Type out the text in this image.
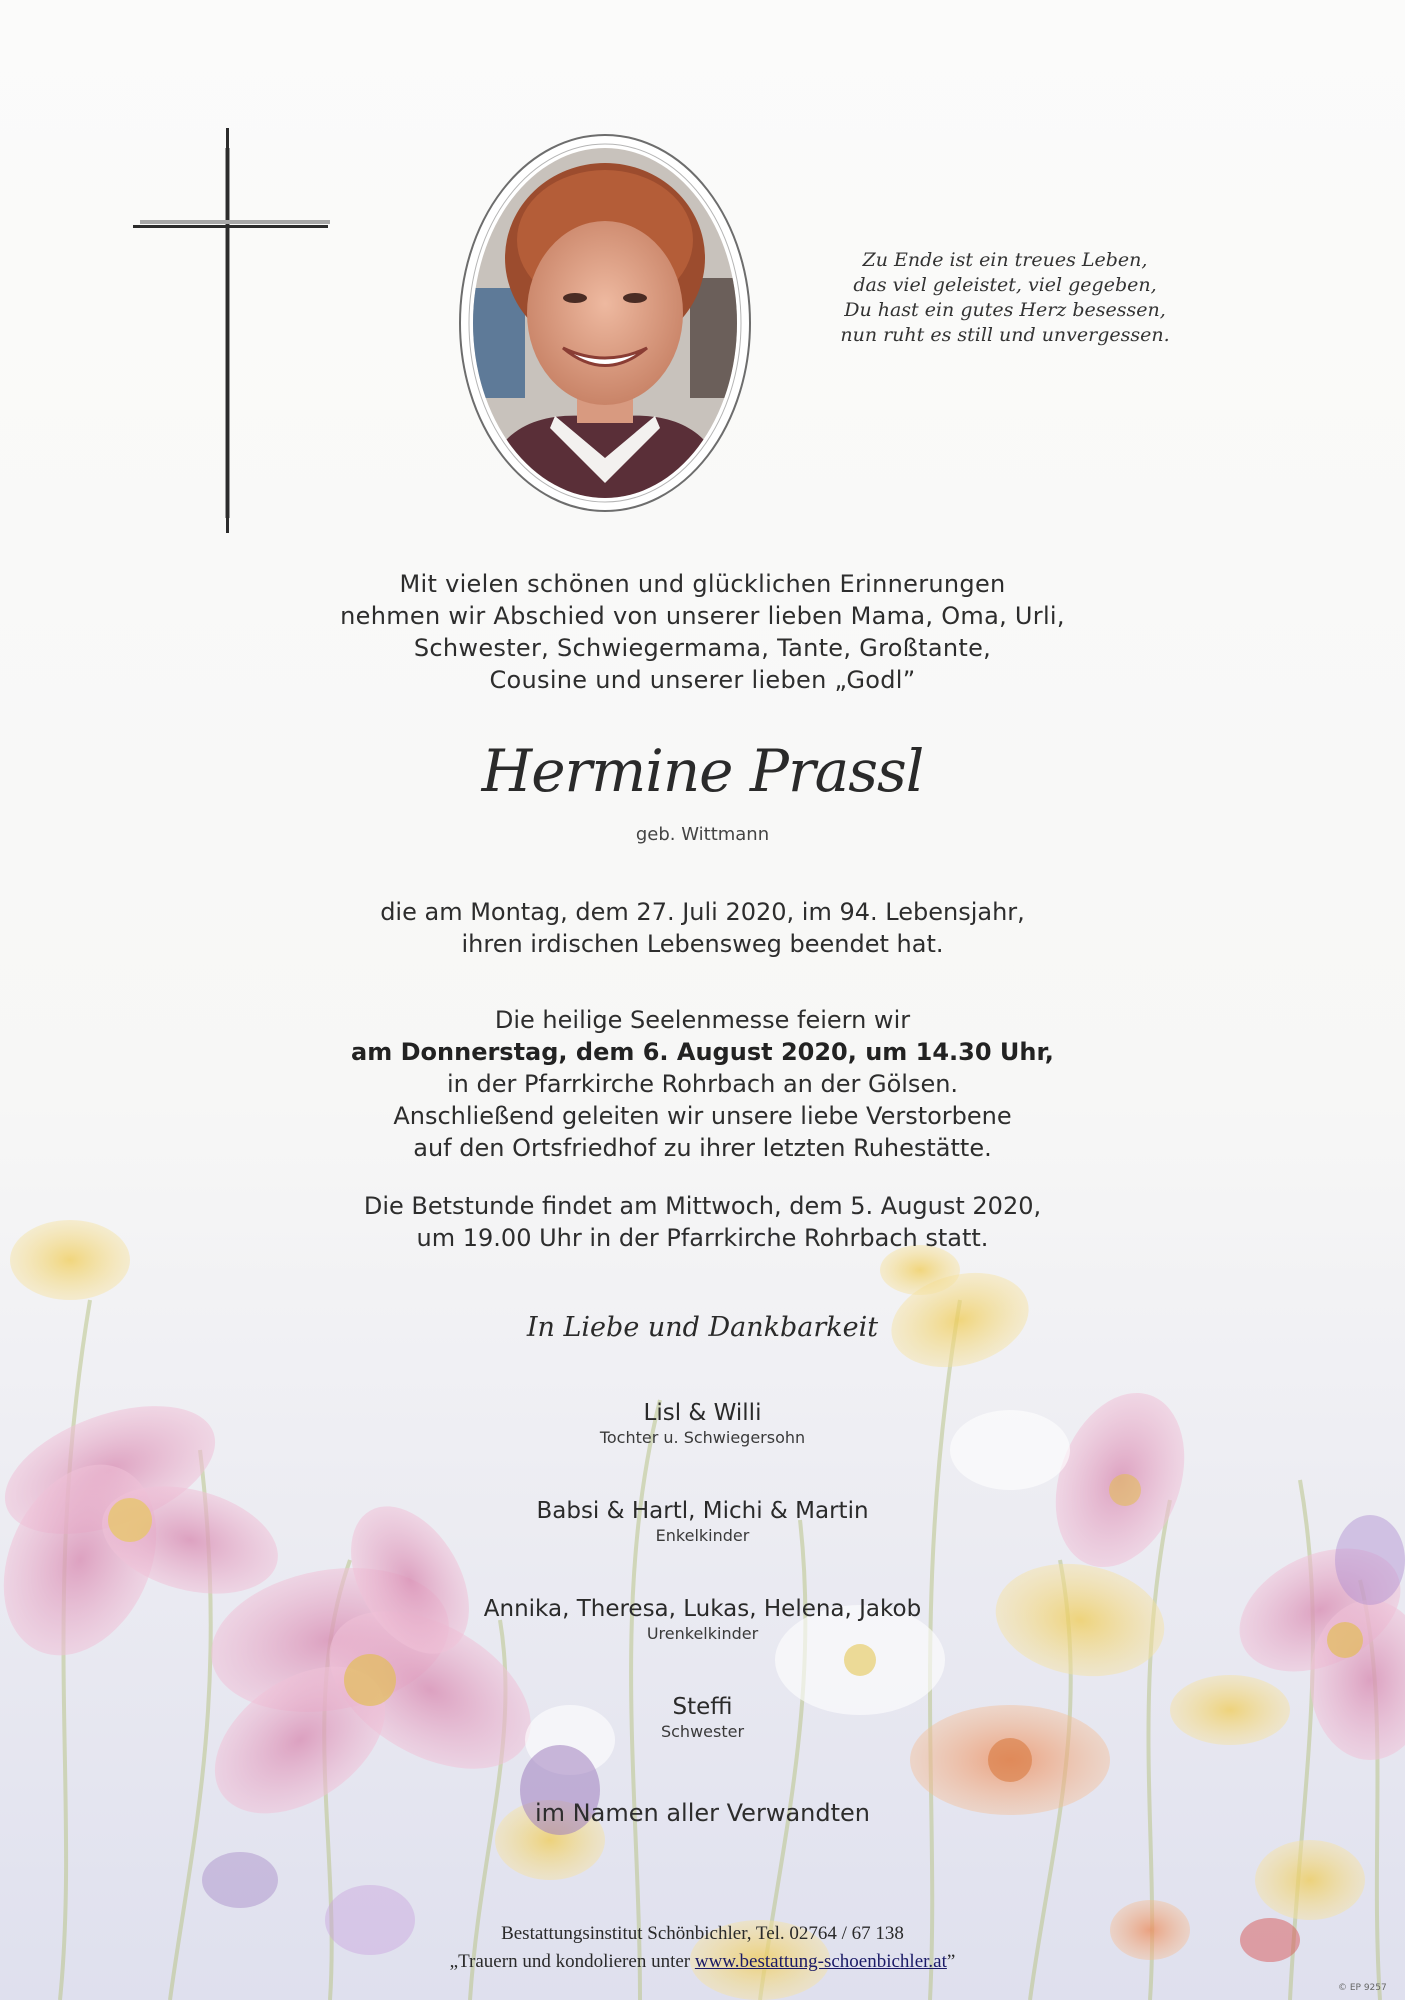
Zu Ende ist ein treues Leben,
das viel geleistet, viel gegeben,
Du hast ein gutes Herz besessen,
nun ruht es still und unvergessen.
Mit vielen schönen und glücklichen Erinnerungen
nehmen wir Abschied von unserer lieben Mama, Oma, Urli,
Schwester, Schwiegermama, Tante, Großtante,
Cousine und unserer lieben „Godl”
Hermine Prassl
geb. Wittmann
die am Montag, dem 27. Juli 2020, im 94. Lebensjahr,
ihren irdischen Lebensweg beendet hat.
Die heilige Seelenmesse feiern wir
am Donnerstag, dem 6. August 2020, um 14.30 Uhr,
in der Pfarrkirche Rohrbach an der Gölsen.
Anschließend geleiten wir unsere liebe Verstorbene
auf den Ortsfriedhof zu ihrer letzten Ruhestätte.
Die Betstunde findet am Mittwoch, dem 5. August 2020,
um 19.00 Uhr in der Pfarrkirche Rohrbach statt.
In Liebe und Dankbarkeit
Lisl & Willi
Tochter u. Schwiegersohn
Babsi & Hartl, Michi & Martin
Enkelkinder
Annika, Theresa, Lukas, Helena, Jakob
Urenkelkinder
Steffi
Schwester
im Namen aller Verwandten
Bestattungsinstitut Schönbichler, Tel. 02764 / 67 138
„Trauern und kondolieren unter www.bestattung-schoenbichler.at”
© EP 9257
